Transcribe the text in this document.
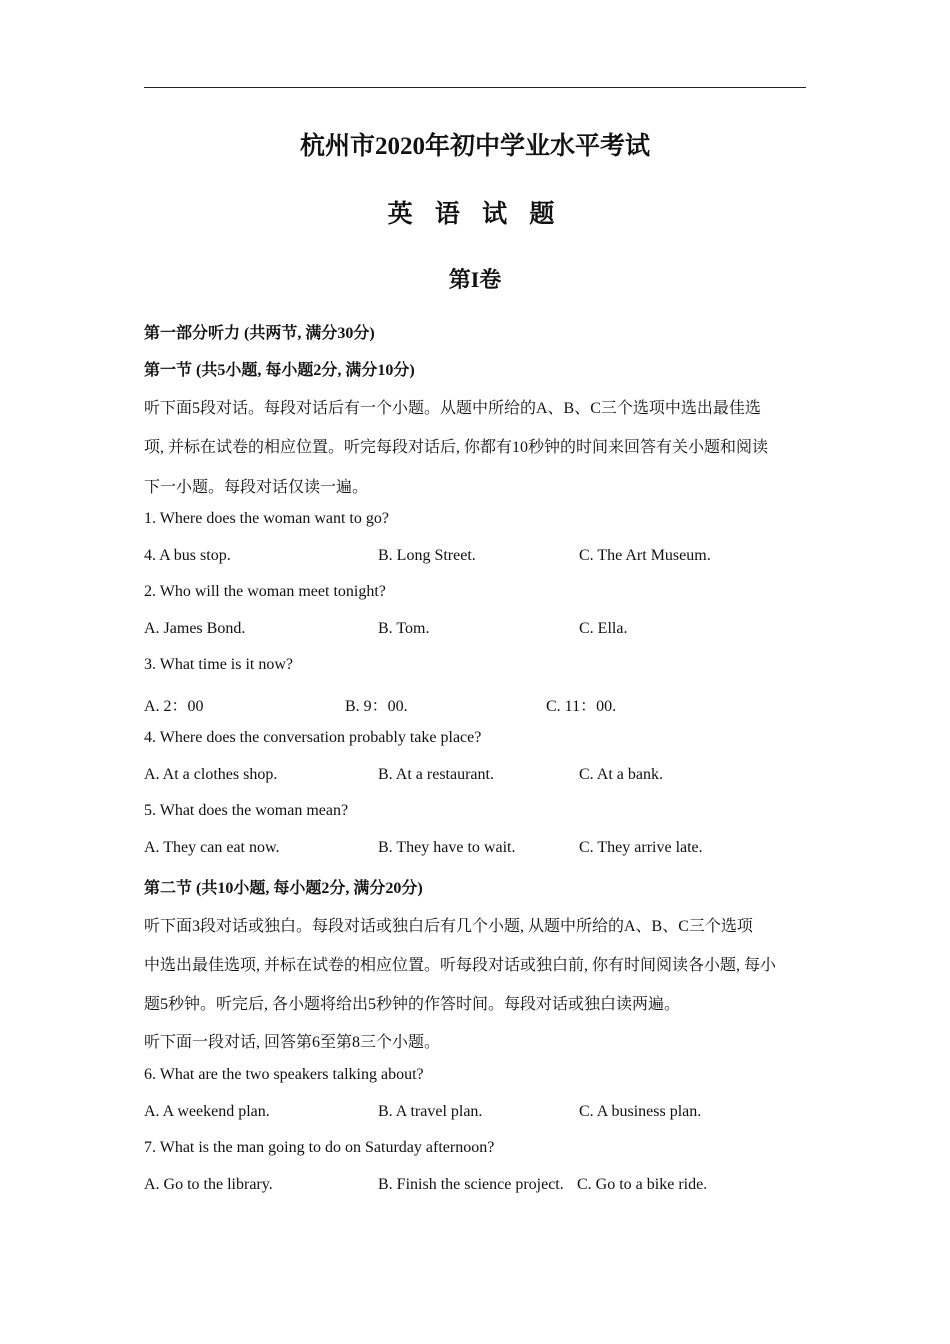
杭州市2020年初中学业水平考试
英 语 试 题
第I卷
第一部分听力 (共两节, 满分30分)
第一节 (共5小题, 每小题2分, 满分10分)
听下面5段对话。每段对话后有一个小题。从题中所给的A、B、C三个选项中选出最佳选
项, 并标在试卷的相应位置。听完每段对话后, 你都有10秒钟的时间来回答有关小题和阅读
下一小题。每段对话仅读一遍。
1. Where does the woman want to go?
4. A bus stop.	B. Long Street.	C. The Art Museum.
2. Who will the woman meet tonight?
A. James Bond.	B. Tom.	C. Ella.
3. What time is it now?
A. 2：00	B. 9：00.	C. 11：00.
4. Where does the conversation probably take place?
A. At a clothes shop.	B. At a restaurant.	C. At a bank.
5. What does the woman mean?
A. They can eat now.	B. They have to wait.	C. They arrive late.
第二节 (共10小题, 每小题2分, 满分20分)
听下面3段对话或独白。每段对话或独白后有几个小题, 从题中所给的A、B、C三个选项
中选出最佳选项, 并标在试卷的相应位置。听每段对话或独白前, 你有时间阅读各小题, 每小
题5秒钟。听完后, 各小题将给出5秒钟的作答时间。每段对话或独白读两遍。
听下面一段对话, 回答第6至第8三个小题。
6. What are the two speakers talking about?
A. A weekend plan.	B. A travel plan.	C. A business plan.
7. What is the man going to do on Saturday afternoon?
A. Go to the library.	B. Finish the science project. C. Go to a bike ride.
